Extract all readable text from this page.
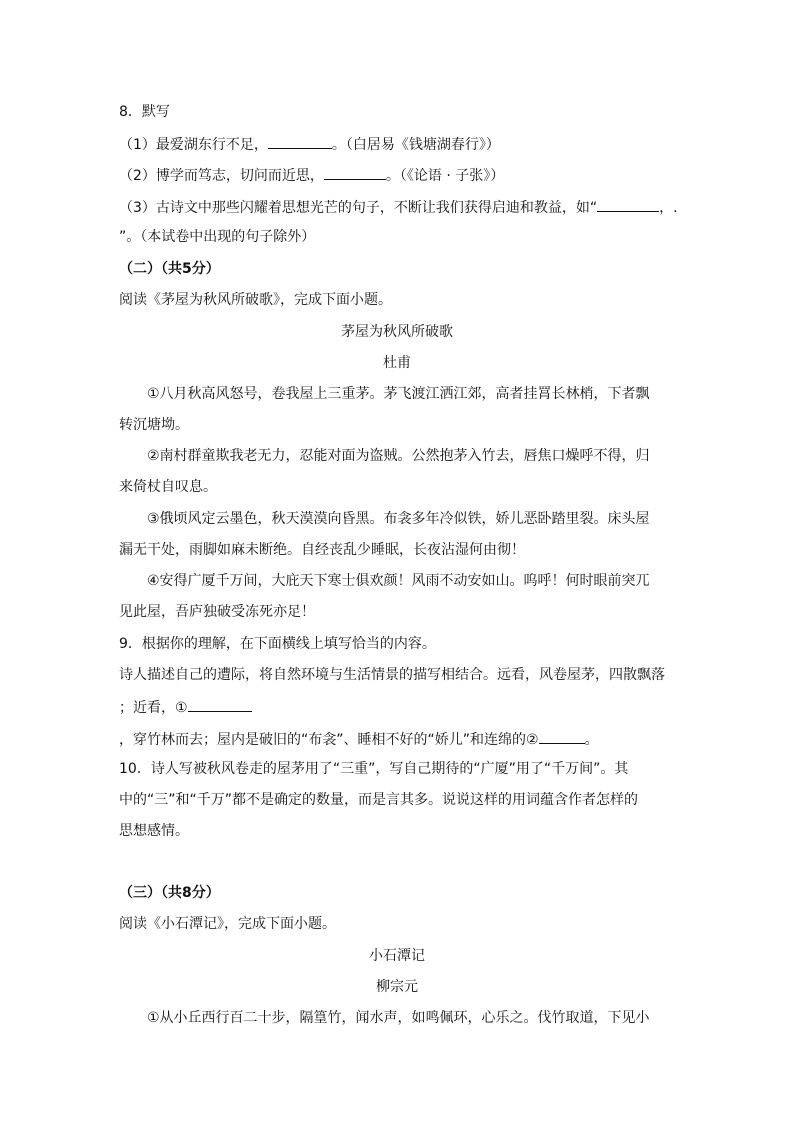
8．默写
（1）最爱湖东行不足，	。（白居易《钱塘湖春行》）
（2）博学而笃志，切问而近思，	。（《论语 · 子张》）
（3）古诗文中那些闪耀着思想光芒的句子，不断让我们获得启迪和教益，如“	，.
”。（本试卷中出现的句子除外）
（二）（共5分）
阅读《茅屋为秋风所破歌》，完成下面小题。
茅屋为秋风所破歌
杜甫
①八月秋高风怒号，卷我屋上三重茅。茅飞渡江洒江郊，高者挂罥长林梢，下者飘
转沉塘坳。
②南村群童欺我老无力，忍能对面为盗贼。公然抱茅入竹去，唇焦口燥呼不得，归
来倚杖自叹息。
③俄顷风定云墨色，秋天漠漠向昏黑。布衾多年冷似铁，娇儿恶卧踏里裂。床头屋
漏无干处，雨脚如麻未断绝。自经丧乱少睡眠，长夜沾湿何由彻！
④安得广厦千万间，大庇天下寒士俱欢颜！风雨不动安如山。呜呼！何时眼前突兀
见此屋，吾庐独破受冻死亦足！
9．根据你的理解，在下面横线上填写恰当的内容。
诗人描述自己的遭际，将自然环境与生活情景的描写相结合。远看，风卷屋茅，四散飘落
；近看，①
，穿竹林而去；屋内是破旧的“布衾”、睡相不好的“娇儿”和连绵的②	。
10．诗人写被秋风卷走的屋茅用了“三重”，写自己期待的“广厦”用了“千万间”。其
中的“三”和“千万”都不是确定的数量，而是言其多。说说这样的用词蕴含作者怎样的
思想感情。
（三）（共8分）
阅读《小石潭记》，完成下面小题。
小石潭记
柳宗元
①从小丘西行百二十步，隔篁竹，闻水声，如鸣佩环，心乐之。伐竹取道，下见小
